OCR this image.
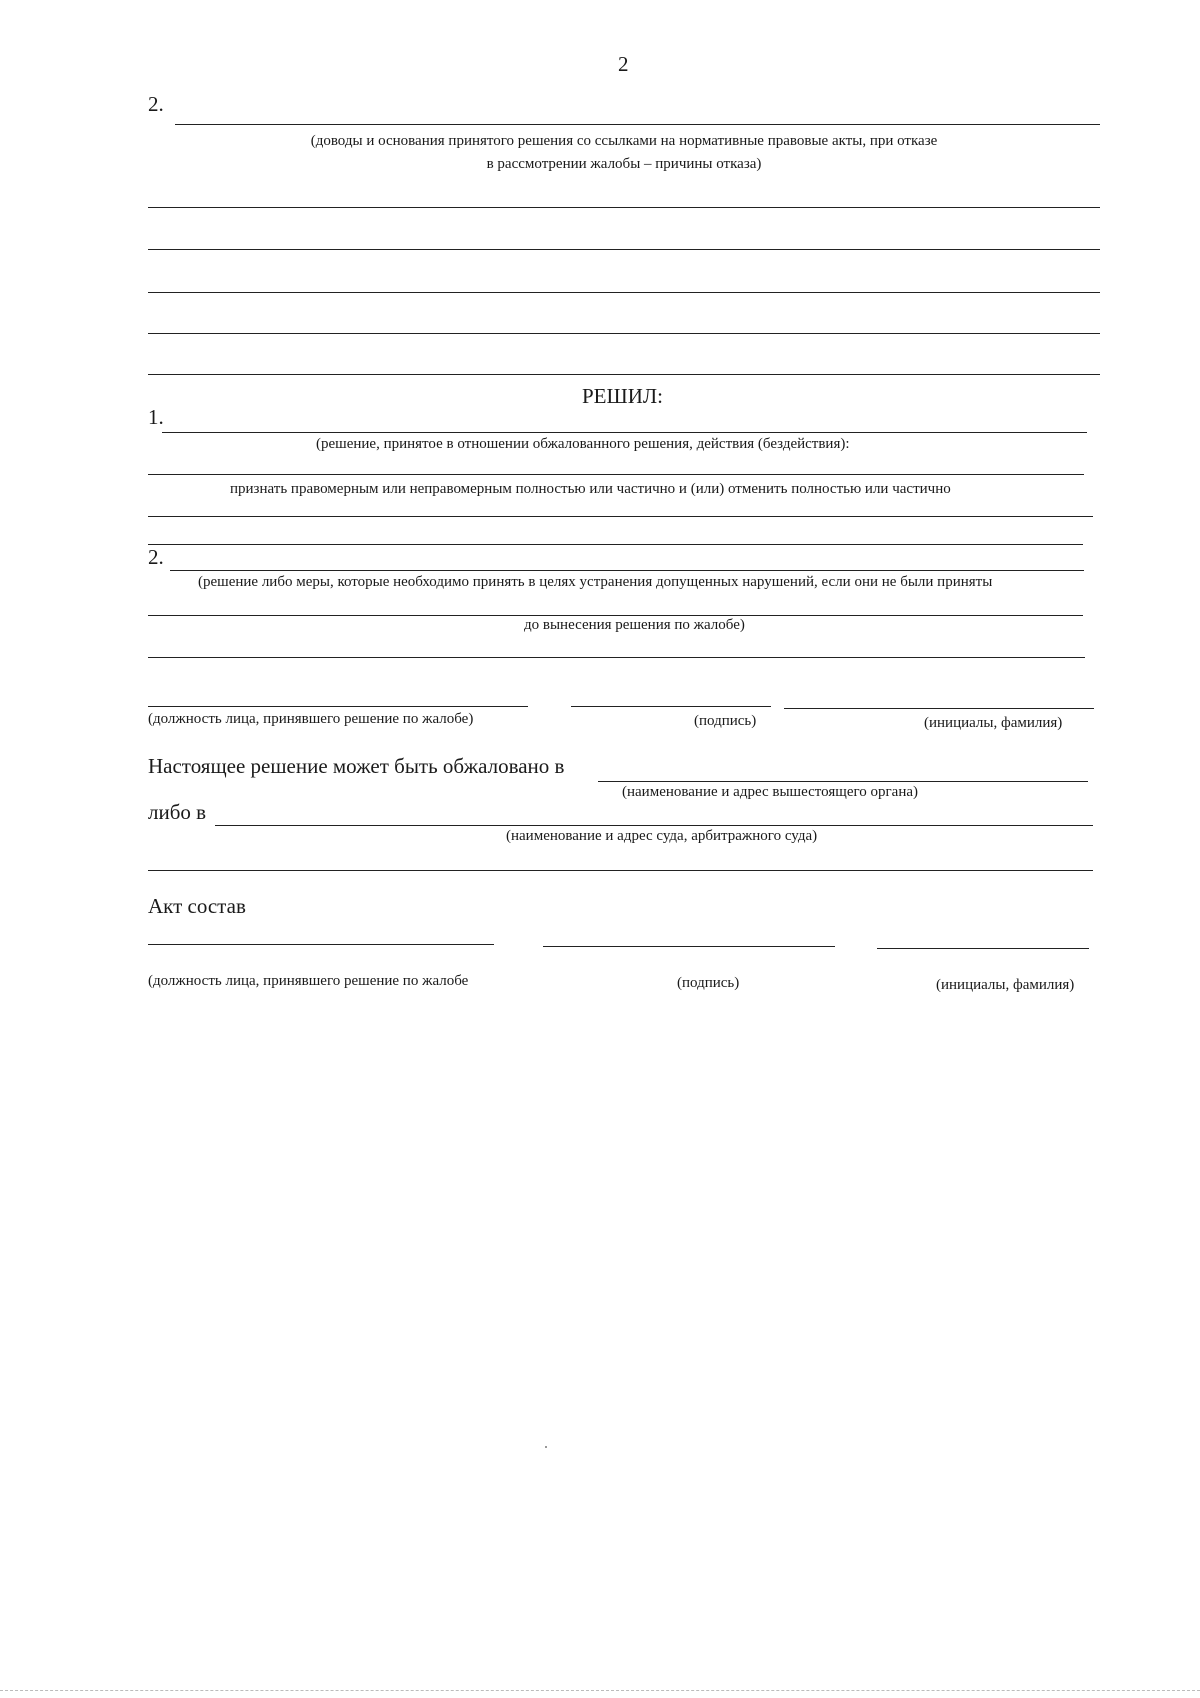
2
2.
(доводы и основания принятого решения со ссылками на нормативные правовые акты, при отказе
в рассмотрении жалобы – причины отказа)
РЕШИЛ:
1.
(решение, принятое в отношении обжалованного решения, действия (бездействия):
признать правомерным или неправомерным полностью или частично и (или) отменить полностью или частично
2.
(решение либо меры, которые необходимо принять в целях устранения допущенных нарушений, если они не были приняты
до вынесения решения по жалобе)
(должность лица, принявшего решение по жалобе)	(подпись)	(инициалы, фамилия)
Настоящее решение может быть обжаловано в
(наименование и адрес вышестоящего органа)
либо в
(наименование и адрес суда, арбитражного суда)
Акт состав
(должность лица, принявшего решение по жалобе	(подпись)	(инициалы, фамилия)
